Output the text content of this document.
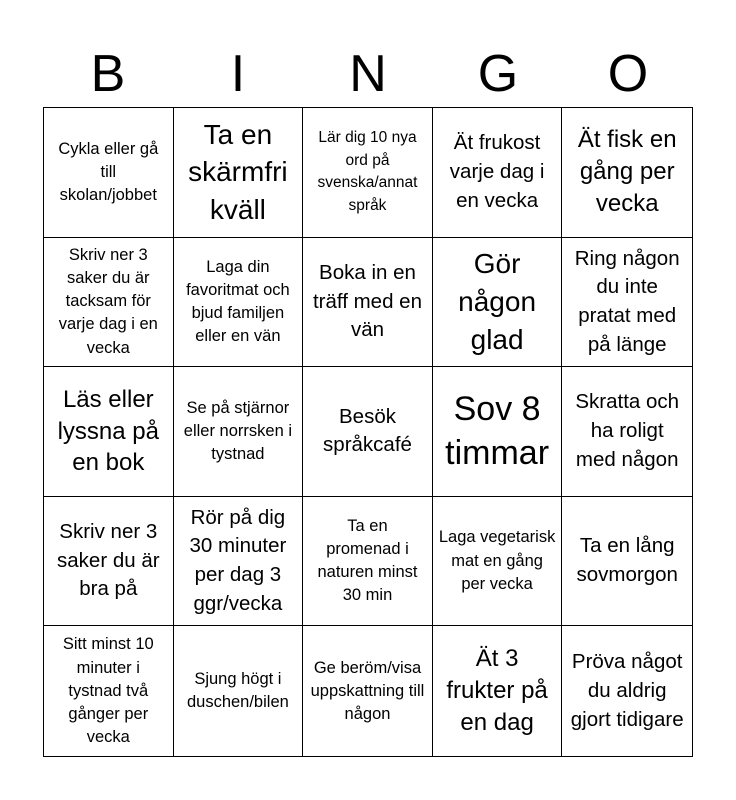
B	I	N	G	O
Cykla eller gå till skolan/jobbet
Ta en skärmfri kväll
Lär dig 10 nya ord på svenska/annat språk
Ät frukost varje dag i en vecka
Ät fisk en gång per vecka
Skriv ner 3 saker du är tacksam för varje dag i en vecka
Laga din favoritmat och bjud familjen eller en vän
Boka in en träff med en vän
Gör någon glad
Ring någon du inte pratat med på länge
Läs eller lyssna på en bok
Se på stjärnor eller norrsken i tystnad
Besök språkcafé
Sov 8 timmar
Skratta och ha roligt med någon
Skriv ner 3 saker du är bra på
Rör på dig 30 minuter per dag 3 ggr/vecka
Ta en promenad i naturen minst 30 min
Laga vegetarisk mat en gång per vecka
Ta en lång sovmorgon
Sitt minst 10 minuter i tystnad två gånger per vecka
Sjung högt i duschen/bilen
Ge beröm/visa uppskattning till någon
Ät 3 frukter på en dag
Pröva något du aldrig gjort tidigare
